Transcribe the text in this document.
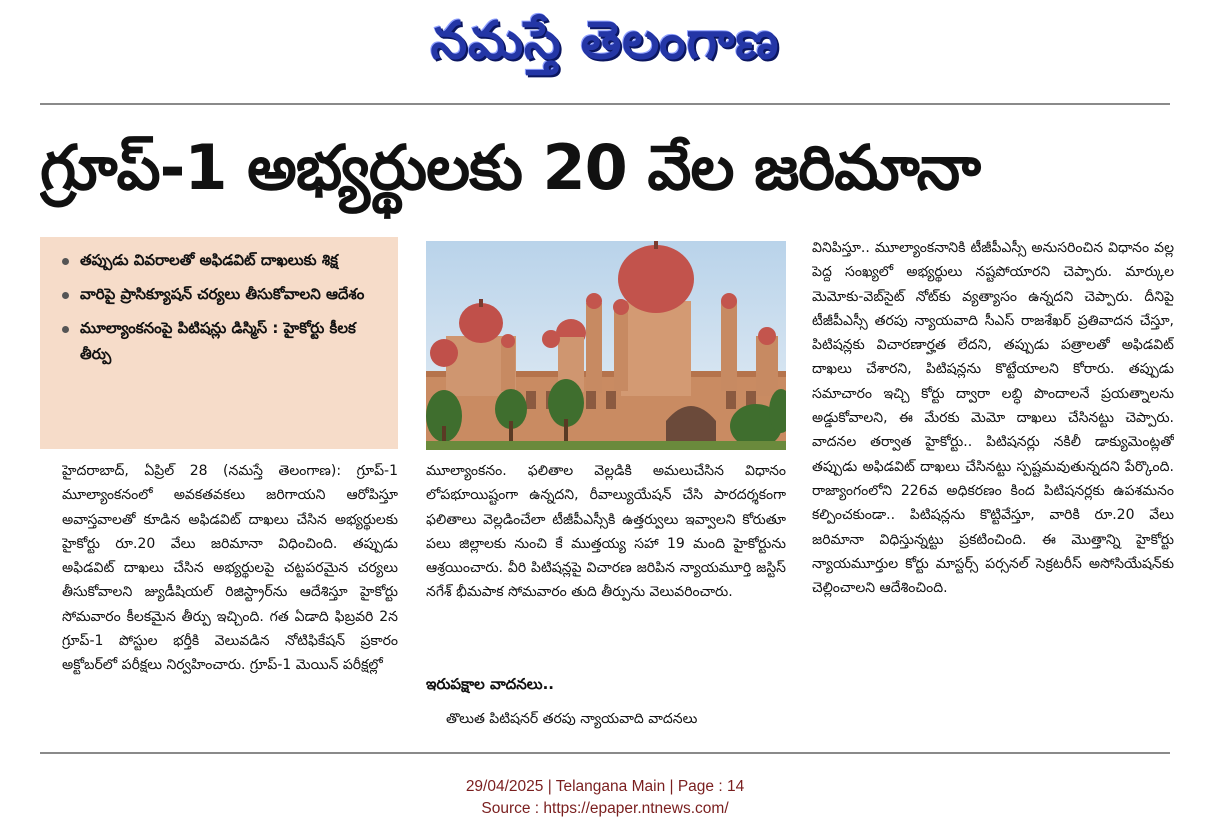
నమస్తే తెలంగాణ
గ్రూప్‌-1 అభ్యర్థులకు 20 వేల జరిమానా
తప్పుడు వివరాలతో అఫిడవిట్‌ దాఖలుకు శిక్ష
వారిపై ప్రాసిక్యూషన్‌ చర్యలు తీసుకోవాలని ఆదేశం
మూల్యాంకనంపై పిటిషన్లు డిస్మిస్‌ : హైకోర్టు కీలక తీర్పు
హైదరాబాద్‌, ఏప్రిల్‌ 28 (నమస్తే తెలంగాణ): గ్రూప్‌-1 మూల్యాంకనంలో అవకతవకలు జరిగాయని ఆరోపిస్తూ అవాస్తవాలతో కూడిన అఫిడవిట్‌ దాఖలు చేసిన అభ్యర్థులకు హైకోర్టు రూ.20 వేలు జరిమానా విధించింది. తప్పుడు అఫిడవిట్‌ దాఖలు చేసిన అభ్యర్థులపై చట్టపరమైన చర్యలు తీసుకోవాలని జ్యుడీషియల్‌ రిజిస్ట్రార్‌ను ఆదేశిస్తూ హైకోర్టు సోమవారం కీలకమైన తీర్పు ఇచ్చింది. గత ఏడాది ఫిబ్రవరి 2న గ్రూప్‌-1 పోస్టుల భర్తీకి వెలువడిన నోటిఫికేషన్‌ ప్రకారం అక్టోబర్‌లో పరీక్షలు నిర్వహించారు. గ్రూప్‌-1 మెయిన్‌ పరీక్షల్లో
మూల్యాంకనం. ఫలితాల వెల్లడికి అమలుచేసిన విధానం లోపభూయిష్టంగా ఉన్నదని, రీవాల్యుయేషన్‌ చేసి పారదర్శకంగా ఫలితాలు వెల్లడించేలా టీజీపీఎస్సీకి ఉత్తర్వులు ఇవ్వాలని కోరుతూ పలు జిల్లాలకు నుంచి కే ముత్తయ్య సహా 19 మంది హైకోర్టును ఆశ్రయించారు. వీరి పిటిషన్లపై విచారణ జరిపిన న్యాయమూర్తి జస్టిస్‌ నగేశ్‌ భీమపాక సోమవారం తుది తీర్పును వెలువరించారు.
ఇరుపక్షాల వాదనలు..
తొలుత పిటిషనర్‌ తరపు న్యాయవాది వాదనలు
వినిపిస్తూ.. మూల్యాంకనానికి టీజీపీఎస్సీ అనుసరించిన విధానం వల్ల పెద్ద సంఖ్యలో అభ్యర్థులు నష్టపోయారని చెప్పారు. మార్కుల మెమోకు-వెబ్‌సైట్‌ నోట్‌కు వ్యత్యాసం ఉన్నదని చెప్పారు. దీనిపై టీజీపీఎస్సీ తరపు న్యాయవాది సీఎస్‌ రాజశేఖర్‌ ప్రతివాదన చేస్తూ, పిటిషన్లకు విచారణార్హత లేదని, తప్పుడు పత్రాలతో అఫిడవిట్‌ దాఖలు చేశారని, పిటిషన్లను కొట్టేయాలని కోరారు. తప్పుడు సమాచారం ఇచ్చి కోర్టు ద్వారా లబ్ధి పొందాలనే ప్రయత్నాలను అడ్డుకోవాలని, ఈ మేరకు మెమో దాఖలు చేసినట్టు చెప్పారు. వాదనల తర్వాత హైకోర్టు.. పిటిషనర్లు నకిలీ డాక్యుమెంట్లతో తప్పుడు అఫిడవిట్‌ దాఖలు చేసినట్టు స్పష్టమవుతున్నదని పేర్కొంది. రాజ్యాంగంలోని 226వ అధికరణం కింద పిటిషనర్లకు ఉపశమనం కల్పించకుండా.. పిటిషన్లను కొట్టివేస్తూ, వారికి రూ.20 వేలు జరిమానా విధిస్తున్నట్టు ప్రకటించింది. ఈ మొత్తాన్ని హైకోర్టు న్యాయమూర్తుల కోర్టు మాస్టర్స్‌ పర్సనల్‌ సెక్రటరీస్‌ అసోసియేషన్‌కు చెల్లించాలని ఆదేశించింది.
29/04/2025 | Telangana Main | Page : 14
Source : https://epaper.ntnews.com/
